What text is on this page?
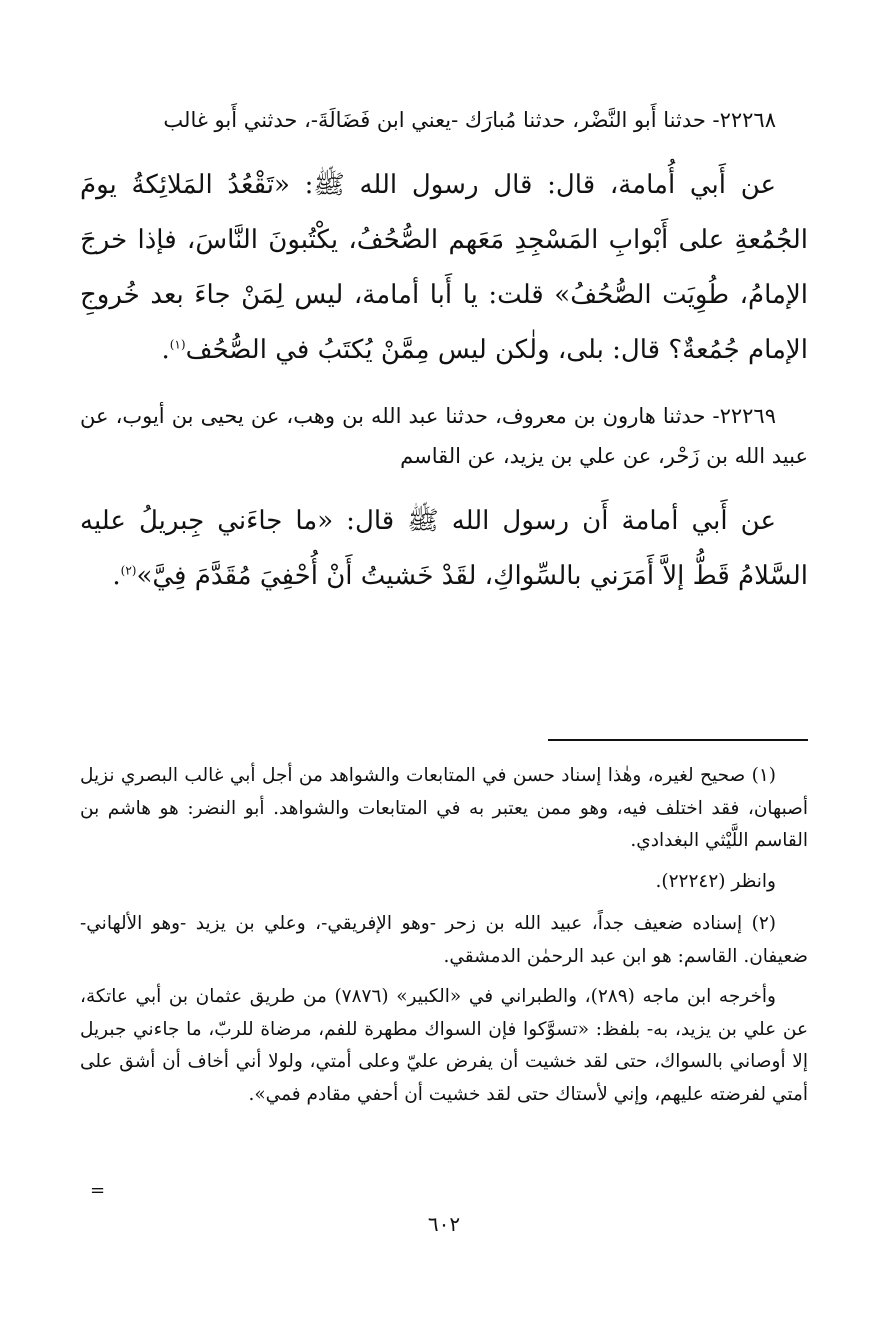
٢٢٢٦٨- حدثنا أَبو النَّضْر، حدثنا مُبارَك -يعني ابن فَضَالَةَ-، حدثني أَبو غالب

عن أَبي أُمامة، قال: قال رسول الله ﷺ: «تَقْعُدُ المَلائِكةُ يومَ الجُمُعةِ على أَبْوابِ المَسْجِدِ مَعَهم الصُّحُفُ، يكْتُبونَ النَّاسَ، فإذا خرجَ الإمامُ، طُوِيَت الصُّحُفُ» قلت: يا أَبا أمامة، ليس لِمَنْ جاءَ بعد خُروجِ الإمام جُمُعةٌ؟ قال: بلى، ولٰكن ليس مِمَّنْ يُكتَبُ في الصُّحُف$^{(١)}$.

٢٢٢٦٩- حدثنا هارون بن معروف، حدثنا عبد الله بن وهب، عن يحيى بن أيوب، عن عبيد الله بن زَحْر، عن علي بن يزيد، عن القاسم

عن أَبي أمامة أَن رسول الله ﷺ قال: «ما جاءَني جِبريلُ عليه السَّلامُ قَطُّ إلاَّ أَمَرَني بالسِّواكِ، لقَدْ خَشيتُ أَنْ أُحْفِيَ مُقَدَّمَ فِيَّ»$^{(٢)}$.

(١) صحيح لغيره، وهٰذا إسناد حسن في المتابعات والشواهد من أجل أبي غالب البصري نزيل أصبهان، فقد اختلف فيه، وهو ممن يعتبر به في المتابعات والشواهد. أبو النضر: هو هاشم بن القاسم اللَّيْثي البغدادي.

وانظر (٢٢٢٤٢).

(٢) إسناده ضعيف جداً، عبيد الله بن زحر -وهو الإفريقي-، وعلي بن يزيد -وهو الألهاني- ضعيفان. القاسم: هو ابن عبد الرحمٰن الدمشقي.

وأخرجه ابن ماجه (٢٨٩)، والطبراني في «الكبير» (٧٨٧٦) من طريق عثمان بن أبي عاتكة، عن علي بن يزيد، به- بلفظ: «تسوَّكوا فإن السواك مطهرة للفم، مرضاة للربّ، ما جاءني جبريل إلا أوصاني بالسواك، حتى لقد خشيت أن يفرض عليّ وعلى أمتي، ولولا أني أخاف أن أشق على أمتي لفرضته عليهم، وإني لأستاك حتى لقد خشيت أن أحفي مقادم فمي».

=
٦٠٢
